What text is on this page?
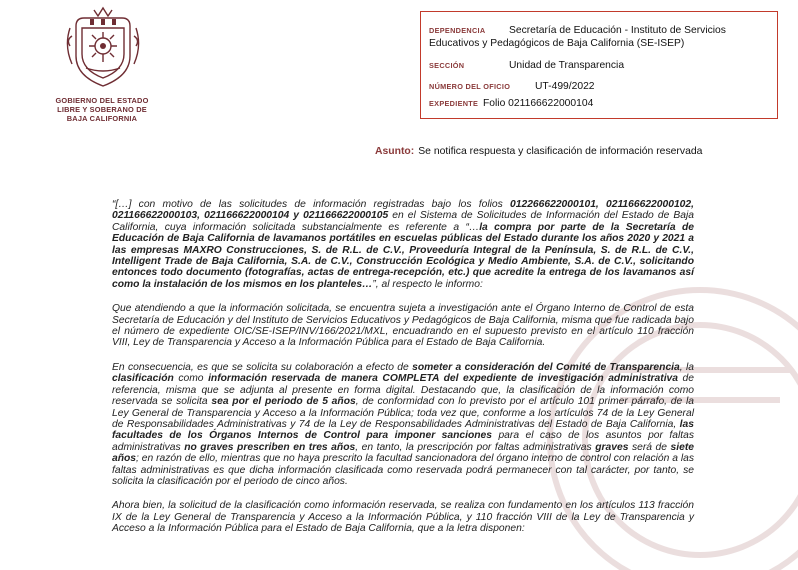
GOBIERNO DEL ESTADO
LIBRE Y SOBERANO DE
BAJA CALIFORNIA
DEPENDENCIA Secretaría de Educación - Instituto de Servicios
Educativos y Pedagógicos de Baja California (SE-ISEP)
SECCIÓN	Unidad de Transparencia
NÚMERO DEL OFICIO UT-499/2022
EXPEDIENTE Folio 021166622000104
Asunto: Se notifica respuesta y clasificación de información reservada

“[…] con motivo de las solicitudes de información registradas bajo los folios 012266622000101, 021166622000102, 021166622000103, 021166622000104 y 021166622000105 en el Sistema de Solicitudes de Información del Estado de Baja California, cuya información solicitada substancialmente es referente a “…la compra por parte de la Secretaría de Educación de Baja California de lavamanos portátiles en escuelas públicas del Estado durante los años 2020 y 2021 a las empresas MAXRO Construcciones, S. de R.L. de C.V., Proveeduría Integral de la Península, S. de R.L. de C.V., Intelligent Trade de Baja California, S.A. de C.V., Construcción Ecológica y Medio Ambiente, S.A. de C.V., solicitando entonces todo documento (fotografías, actas de entrega-recepción, etc.) que acredite la entrega de los lavamanos así como la instalación de los mismos en los planteles…”, al respecto le informo:

Que atendiendo a que la información solicitada, se encuentra sujeta a investigación ante el Órgano Interno de Control de esta Secretaría de Educación y del Instituto de Servicios Educativos y Pedagógicos de Baja California, misma que fue radicada bajo el número de expediente OIC/SE-ISEP/INV/166/2021/MXL, encuadrando en el supuesto previsto en el artículo 110 fracción VIII, Ley de Transparencia y Acceso a la Información Pública para el Estado de Baja California.

En consecuencia, es que se solicita su colaboración a efecto de someter a consideración del Comité de Transparencia, la clasificación como información reservada de manera COMPLETA del expediente de investigación administrativa de referencia, misma que se adjunta al presente en forma digital. Destacando que, la clasificación de la información como reservada se solicita sea por el periodo de 5 años, de conformidad con lo previsto por el artículo 101 primer párrafo, de la Ley General de Transparencia y Acceso a la Información Pública; toda vez que, conforme a los artículos 74 de la Ley General de Responsabilidades Administrativas y 74 de la Ley de Responsabilidades Administrativas del Estado de Baja California, las facultades de los Órganos Internos de Control para imponer sanciones para el caso de los asuntos por faltas administrativas no graves prescriben en tres años, en tanto, la prescripción por faltas administrativas graves será de siete años; en razón de ello, mientras que no haya prescrito la facultad sancionadora del órgano interno de control con relación a las faltas administrativas es que dicha información clasificada como reservada podrá permanecer con tal carácter, por tanto, se solicita la clasificación por el periodo de cinco años.

Ahora bien, la solicitud de la clasificación como información reservada, se realiza con fundamento en los artículos 113 fracción IX de la Ley General de Transparencia y Acceso a la Información Pública, y 110 fracción VIII de la Ley de Transparencia y Acceso a la Información Pública para el Estado de Baja California, que a la letra disponen:
